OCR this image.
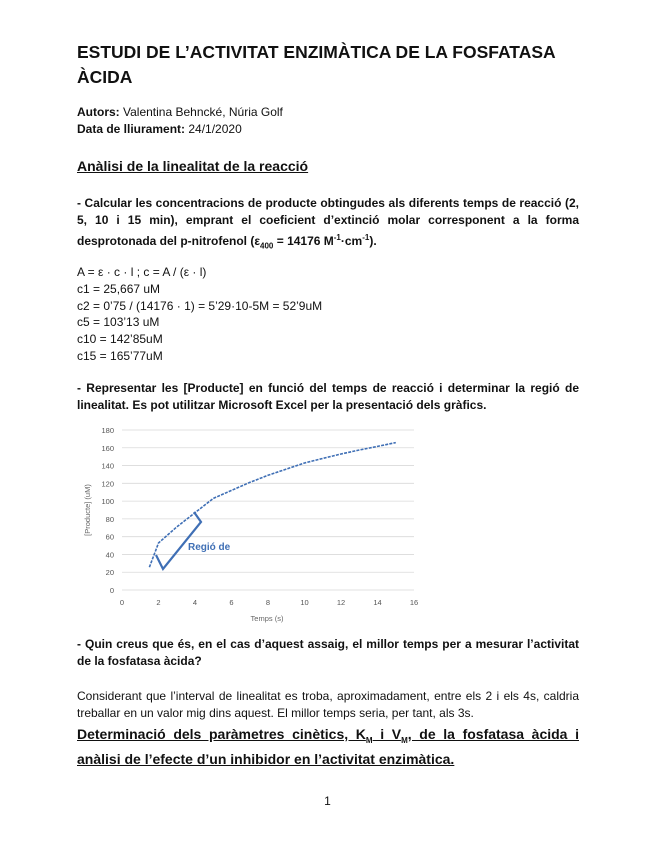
ESTUDI DE L’ACTIVITAT ENZIMÀTICA DE LA FOSFATASA ÀCIDA
Autors: Valentina Behncké, Núria Golf
Data de lliurament: 24/1/2020
Anàlisi de la linealitat de la reacció

- Calcular les concentracions de producte obtingudes als diferents temps de reacció (2, 5, 10 i 15 min), emprant el coeficient d’extinció molar corresponent a la forma desprotonada del p-nitrofenol ($\varepsilon_{400} = 14176$ $M^{-1}\cdot cm^{-1}$).

A = ε · c · l ; c = A / (ε · l)
c1 = 25,667 uM
c2 = 0’75 / (14176 · 1) = 5’29·10-5M = 52’9uM
c5 = 103’13 uM
c10 = 142’85uM
c15 = 165’77uM

- Representar les [Producte] en funció del temps de reacció i determinar la regió de linealitat. Es pot utilitzar Microsoft Excel per la presentació dels gràfics.

0
20
40
60
80
100
120
140
160
180
0	2	4	6	8	10	12	14	16
Regió de
Temps (s)
[Producte] (uM)

- Quin creus que és, en el cas d’aquest assaig, el millor temps per a mesurar l’activitat de la fosfatasa àcida?

Considerant que l’interval de linealitat es troba, aproximadament, entre els 2 i els 4s, caldria treballar en un valor mig dins aquest. El millor temps seria, per tant, als 3s.

Determinació dels paràmetres cinètics, $K_M$ i $V_M$, de la fosfatasa àcida i anàlisi de l’efecte d’un inhibidor en l’activitat enzimàtica.
1
